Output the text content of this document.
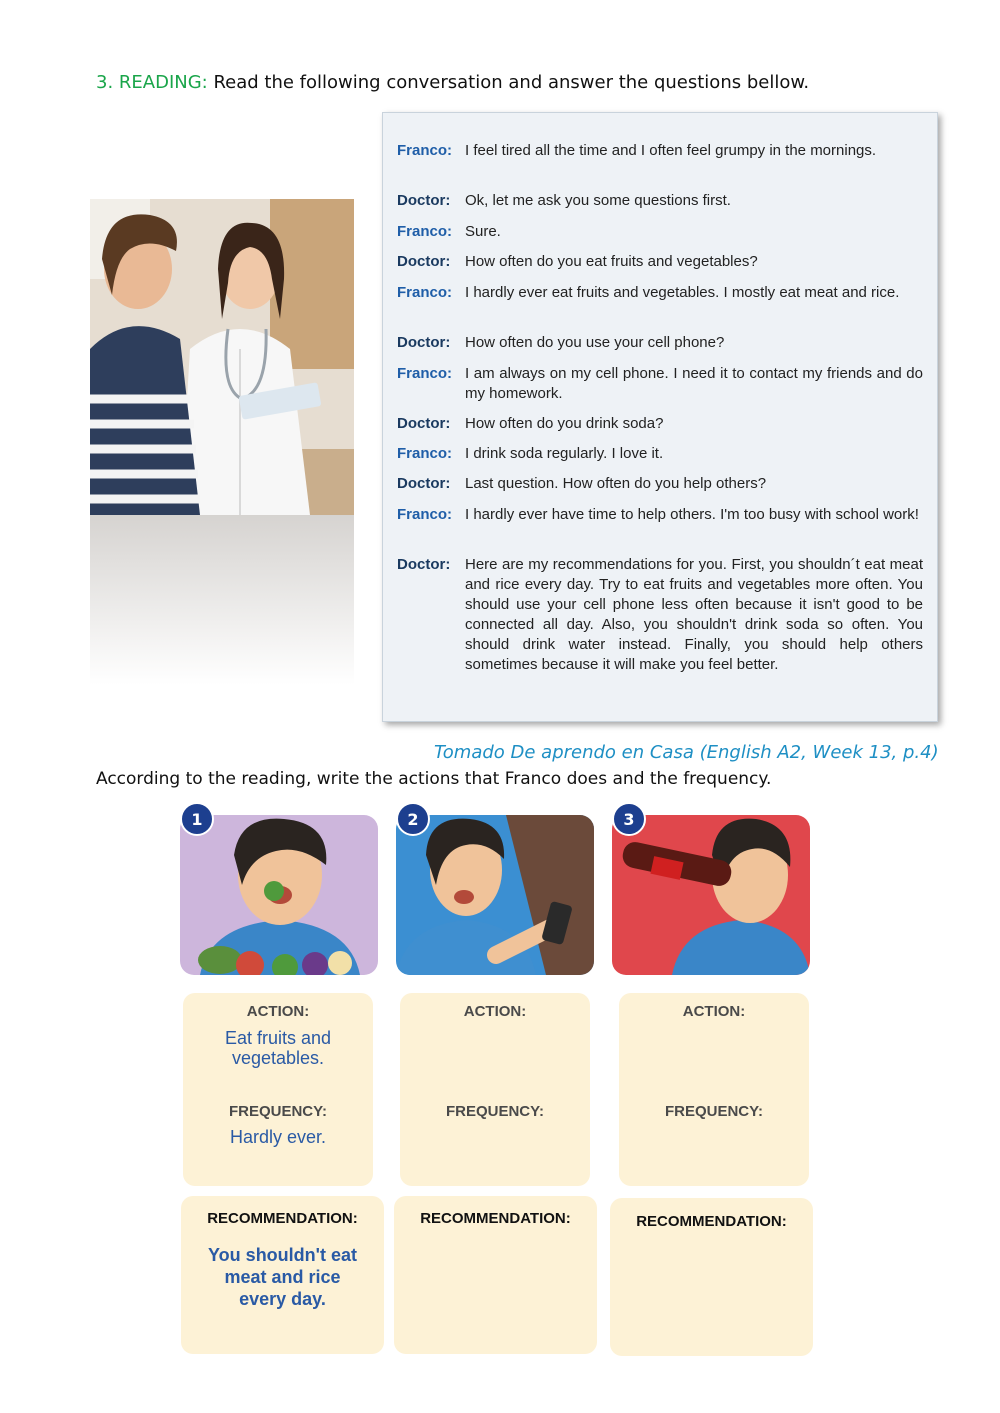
3. READING: Read the following conversation and answer the questions bellow.
Franco: I feel tired all the time and I often feel grumpy in the mornings.
Doctor: Ok, let me ask you some questions first.
Franco: Sure.
Doctor: How often do you eat fruits and vegetables?
Franco: I hardly ever eat fruits and vegetables. I mostly eat meat and rice.
Doctor: How often do you use your cell phone?
Franco: I am always on my cell phone. I need it to contact my friends and do my homework.
Doctor: How often do you drink soda?
Franco: I drink soda regularly. I love it.
Doctor: Last question. How often do you help others?
Franco: I hardly ever have time to help others. I'm too busy with school work!
Doctor: Here are my recommendations for you. First, you shouldn´t eat meat and rice every day. Try to eat fruits and vegetables more often. You should use your cell phone less often because it isn't good to be connected all day. Also, you shouldn't drink soda so often. You should drink water instead. Finally, you should help others sometimes because it will make you feel better.
Tomado De aprendo en Casa (English A2, Week 13, p.4)
According to the reading, write the actions that Franco does and the frequency.
1	2	3
ACTION:
Eat fruits and vegetables.
FREQUENCY:
Hardly ever.
ACTION:
FREQUENCY:
ACTION:
FREQUENCY:
RECOMMENDATION:
You shouldn't eat meat and rice every day.
RECOMMENDATION:	RECOMMENDATION:
